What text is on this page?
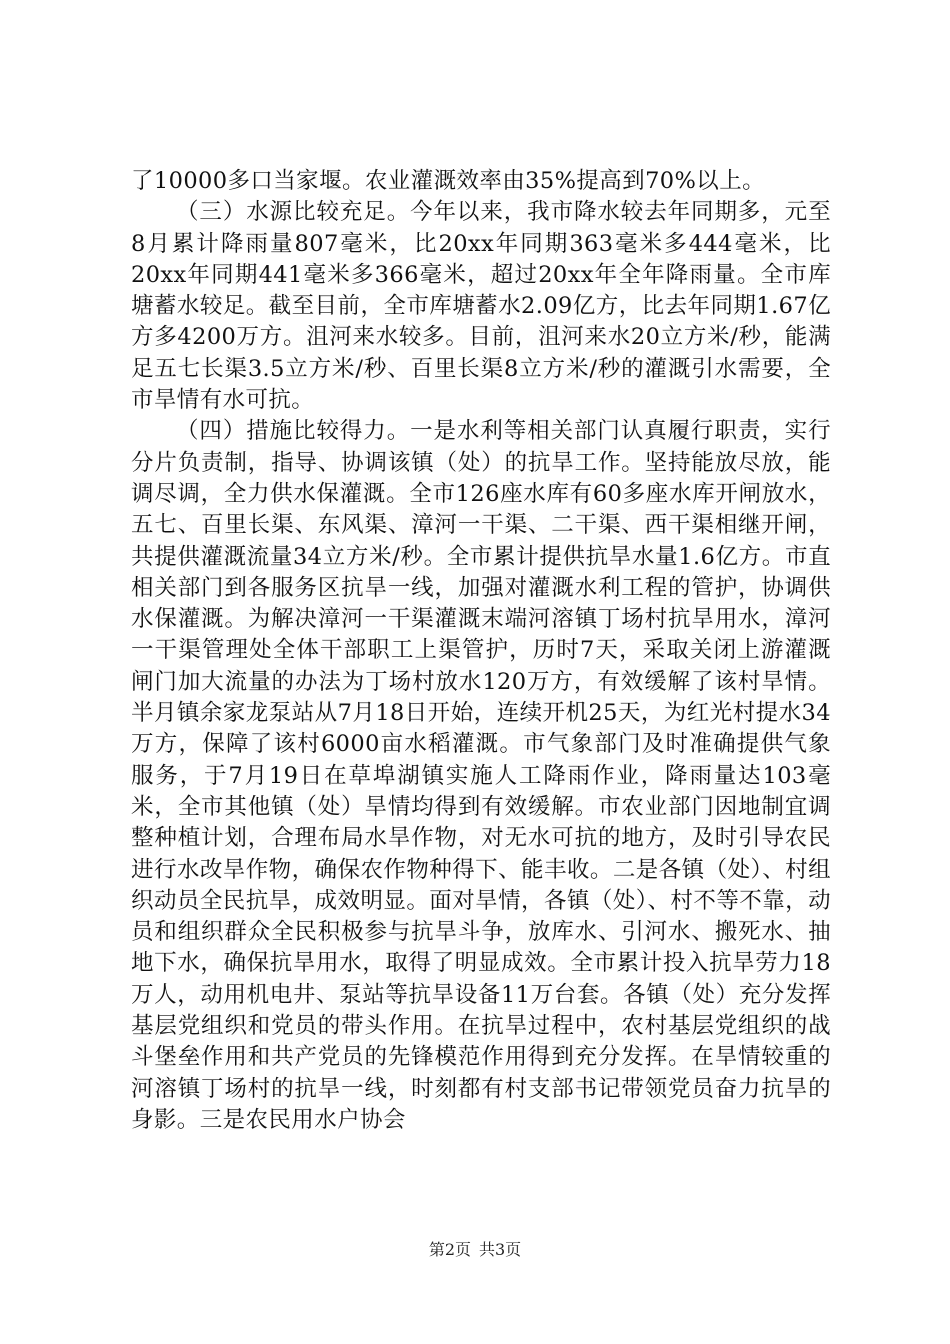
了10000多口当家堰。农业灌溉效率由35%提高到70%以上。

（三）水源比较充足。今年以来，我市降水较去年同期多，元至8月累计降雨量807毫米，比20xx年同期363毫米多444毫米，比20xx年同期441毫米多366毫米，超过20xx年全年降雨量。全市库塘蓄水较足。截至目前，全市库塘蓄水2.09亿方，比去年同期1.67亿方多4200万方。沮河来水较多。目前，沮河来水20立方米/秒，能满足五七长渠3.5立方米/秒、百里长渠8立方米/秒的灌溉引水需要，全市旱情有水可抗。

（四）措施比较得力。一是水利等相关部门认真履行职责，实行分片负责制，指导、协调该镇（处）的抗旱工作。坚持能放尽放，能调尽调，全力供水保灌溉。全市126座水库有60多座水库开闸放水，五七、百里长渠、东风渠、漳河一干渠、二干渠、西干渠相继开闸，共提供灌溉流量34立方米/秒。全市累计提供抗旱水量1.6亿方。市直相关部门到各服务区抗旱一线，加强对灌溉水利工程的管护，协调供水保灌溉。为解决漳河一干渠灌溉末端河溶镇丁场村抗旱用水，漳河一干渠管理处全体干部职工上渠管护，历时7天，采取关闭上游灌溉闸门加大流量的办法为丁场村放水120万方，有效缓解了该村旱情。半月镇余家龙泵站从7月18日开始，连续开机25天，为红光村提水34万方，保障了该村6000亩水稻灌溉。市气象部门及时准确提供气象服务，于7月19日在草埠湖镇实施人工降雨作业，降雨量达103毫米，全市其他镇（处）旱情均得到有效缓解。市农业部门因地制宜调整种植计划，合理布局水旱作物，对无水可抗的地方，及时引导农民进行水改旱作物，确保农作物种得下、能丰收。二是各镇（处）、村组织动员全民抗旱，成效明显。面对旱情，各镇（处）、村不等不靠，动员和组织群众全民积极参与抗旱斗争，放库水、引河水、搬死水、抽地下水，确保抗旱用水，取得了明显成效。全市累计投入抗旱劳力18万人，动用机电井、泵站等抗旱设备11万台套。各镇（处）充分发挥基层党组织和党员的带头作用。在抗旱过程中，农村基层党组织的战斗堡垒作用和共产党员的先锋模范作用得到充分发挥。在旱情较重的河溶镇丁场村的抗旱一线，时刻都有村支部书记带领党员奋力抗旱的身影。三是农民用水户协会

第2页 共3页
